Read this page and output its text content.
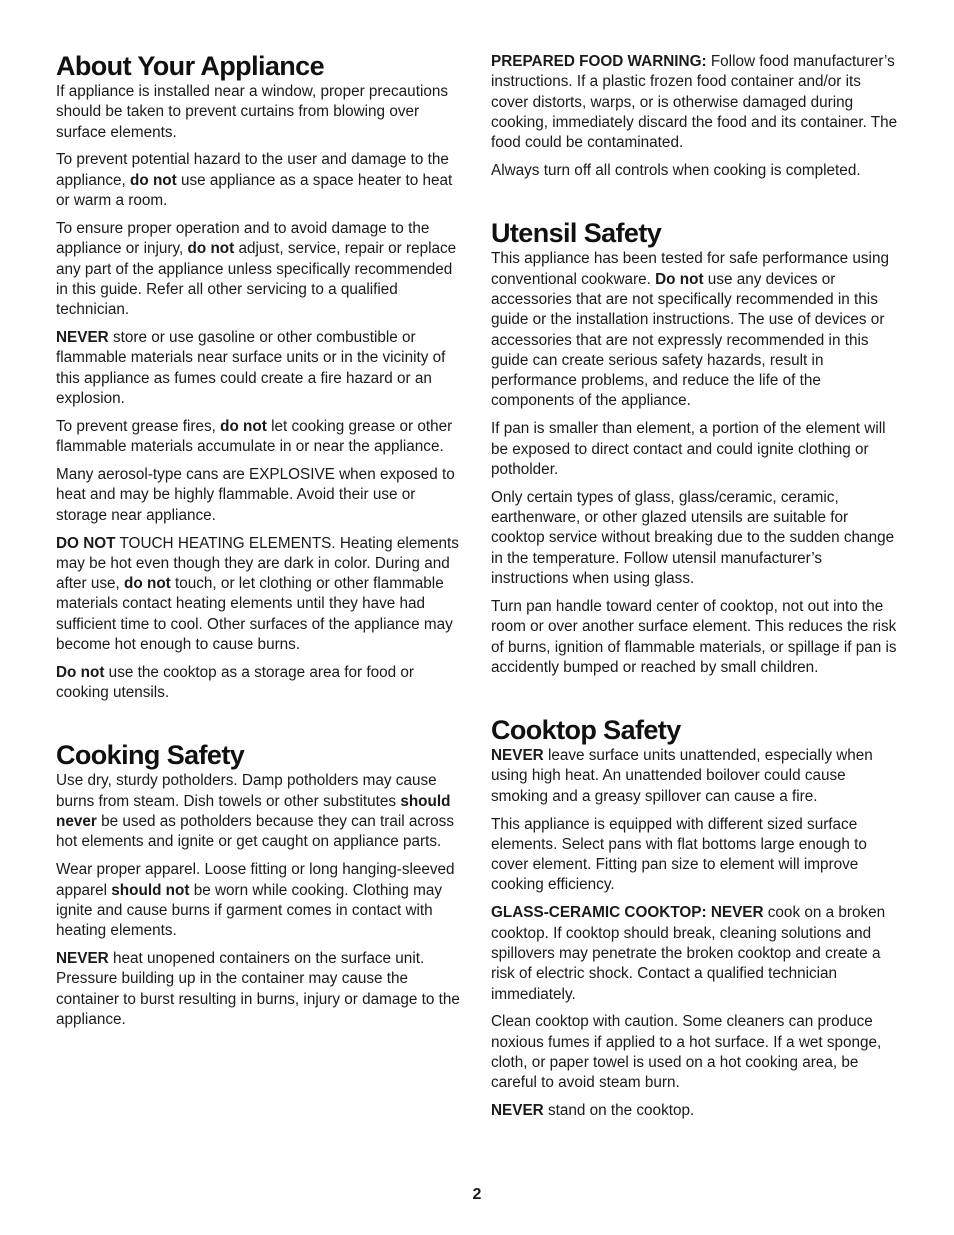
About Your Appliance

If appliance is installed near a window, proper precautions should be taken to prevent curtains from blowing over surface elements.

To prevent potential hazard to the user and damage to the appliance, do not use appliance as a space heater to heat or warm a room.

To ensure proper operation and to avoid damage to the appliance or injury, do not adjust, service, repair or replace any part of the appliance unless specifically recommended in this guide. Refer all other servicing to a qualified technician.

NEVER store or use gasoline or other combustible or flammable materials near surface units or in the vicinity of this appliance as fumes could create a fire hazard or an explosion.

To prevent grease fires, do not let cooking grease or other flammable materials accumulate in or near the appliance.

Many aerosol-type cans are EXPLOSIVE when exposed to heat and may be highly flammable. Avoid their use or storage near appliance.

DO NOT TOUCH HEATING ELEMENTS. Heating elements may be hot even though they are dark in color. During and after use, do not touch, or let clothing or other flammable materials contact heating elements until they have had sufficient time to cool. Other surfaces of the appliance may become hot enough to cause burns.

Do not use the cooktop as a storage area for food or cooking utensils.

Cooking Safety

Use dry, sturdy potholders. Damp potholders may cause burns from steam. Dish towels or other substitutes should never be used as potholders because they can trail across hot elements and ignite or get caught on appliance parts.

Wear proper apparel. Loose fitting or long hanging-sleeved apparel should not be worn while cooking. Clothing may ignite and cause burns if garment comes in contact with heating elements.

NEVER heat unopened containers on the surface unit. Pressure building up in the container may cause the container to burst resulting in burns, injury or damage to the appliance.

PREPARED FOOD WARNING: Follow food manufacturer’s instructions. If a plastic frozen food container and/or its cover distorts, warps, or is otherwise damaged during cooking, immediately discard the food and its container. The food could be contaminated.

Always turn off all controls when cooking is completed.

Utensil Safety

This appliance has been tested for safe performance using conventional cookware. Do not use any devices or accessories that are not specifically recommended in this guide or the installation instructions. The use of devices or accessories that are not expressly recommended in this guide can create serious safety hazards, result in performance problems, and reduce the life of the components of the appliance.

If pan is smaller than element, a portion of the element will be exposed to direct contact and could ignite clothing or potholder.

Only certain types of glass, glass/ceramic, ceramic, earthenware, or other glazed utensils are suitable for cooktop service without breaking due to the sudden change in the temperature. Follow utensil manufacturer’s instructions when using glass.

Turn pan handle toward center of cooktop, not out into the room or over another surface element. This reduces the risk of burns, ignition of flammable materials, or spillage if pan is accidently bumped or reached by small children.

Cooktop Safety

NEVER leave surface units unattended, especially when using high heat. An unattended boilover could cause smoking and a greasy spillover can cause a fire.

This appliance is equipped with different sized surface elements. Select pans with flat bottoms large enough to cover element. Fitting pan size to element will improve cooking efficiency.

GLASS-CERAMIC COOKTOP: NEVER cook on a broken cooktop. If cooktop should break, cleaning solutions and spillovers may penetrate the broken cooktop and create a risk of electric shock. Contact a qualified technician immediately.

Clean cooktop with caution. Some cleaners can produce noxious fumes if applied to a hot surface. If a wet sponge, cloth, or paper towel is used on a hot cooking area, be careful to avoid steam burn.

NEVER stand on the cooktop.

2
